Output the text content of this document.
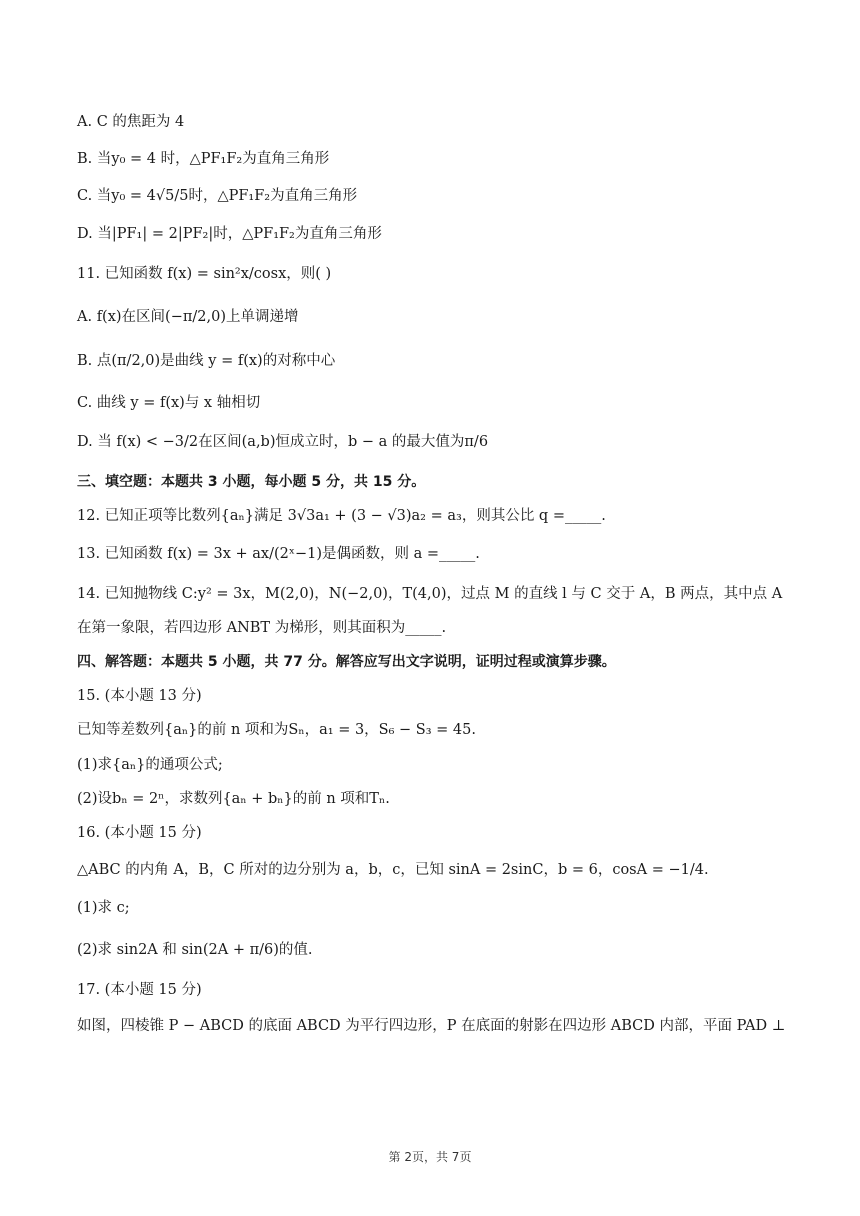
A. C 的焦距为 4
B. 当y₀ = 4 时，△PF₁F₂为直角三角形
C. 当y₀ = 4√5/5时，△PF₁F₂为直角三角形
D. 当|PF₁| = 2|PF₂|时，△PF₁F₂为直角三角形
11. 已知函数 f(x) = sin²x/cosx，则( )
A. f(x)在区间(−π/2,0)上单调递增
B. 点(π/2,0)是曲线 y = f(x)的对称中心
C. 曲线 y = f(x)与 x 轴相切
D. 当 f(x) < −3/2在区间(a,b)恒成立时，b − a 的最大值为π/6
三、填空题：本题共 3 小题，每小题 5 分，共 15 分。
12. 已知正项等比数列{aₙ}满足 3√3a₁ + (3 − √3)a₂ = a₃，则其公比 q =_____.
13. 已知函数 f(x) = 3x + ax/(2ˣ−1)是偶函数，则 a =_____.
14. 已知抛物线 C:y² = 3x，M(2,0)，N(−2,0)，T(4,0)，过点 M 的直线 l 与 C 交于 A，B 两点，其中点 A
在第一象限，若四边形 ANBT 为梯形，则其面积为_____.
四、解答题：本题共 5 小题，共 77 分。解答应写出文字说明，证明过程或演算步骤。
15. (本小题 13 分)
已知等差数列{aₙ}的前 n 项和为Sₙ，a₁ = 3，S₆ − S₃ = 45.
(1)求{aₙ}的通项公式;
(2)设bₙ = 2ⁿ，求数列{aₙ + bₙ}的前 n 项和Tₙ.
16. (本小题 15 分)
△ABC 的内角 A，B，C 所对的边分别为 a，b，c，已知 sinA = 2sinC，b = 6，cosA = −1/4.
(1)求 c;
(2)求 sin2A 和 sin(2A + π/6)的值.
17. (本小题 15 分)
如图，四棱锥 P − ABCD 的底面 ABCD 为平行四边形，P 在底面的射影在四边形 ABCD 内部，平面 PAD ⊥
第 2页，共 7页
